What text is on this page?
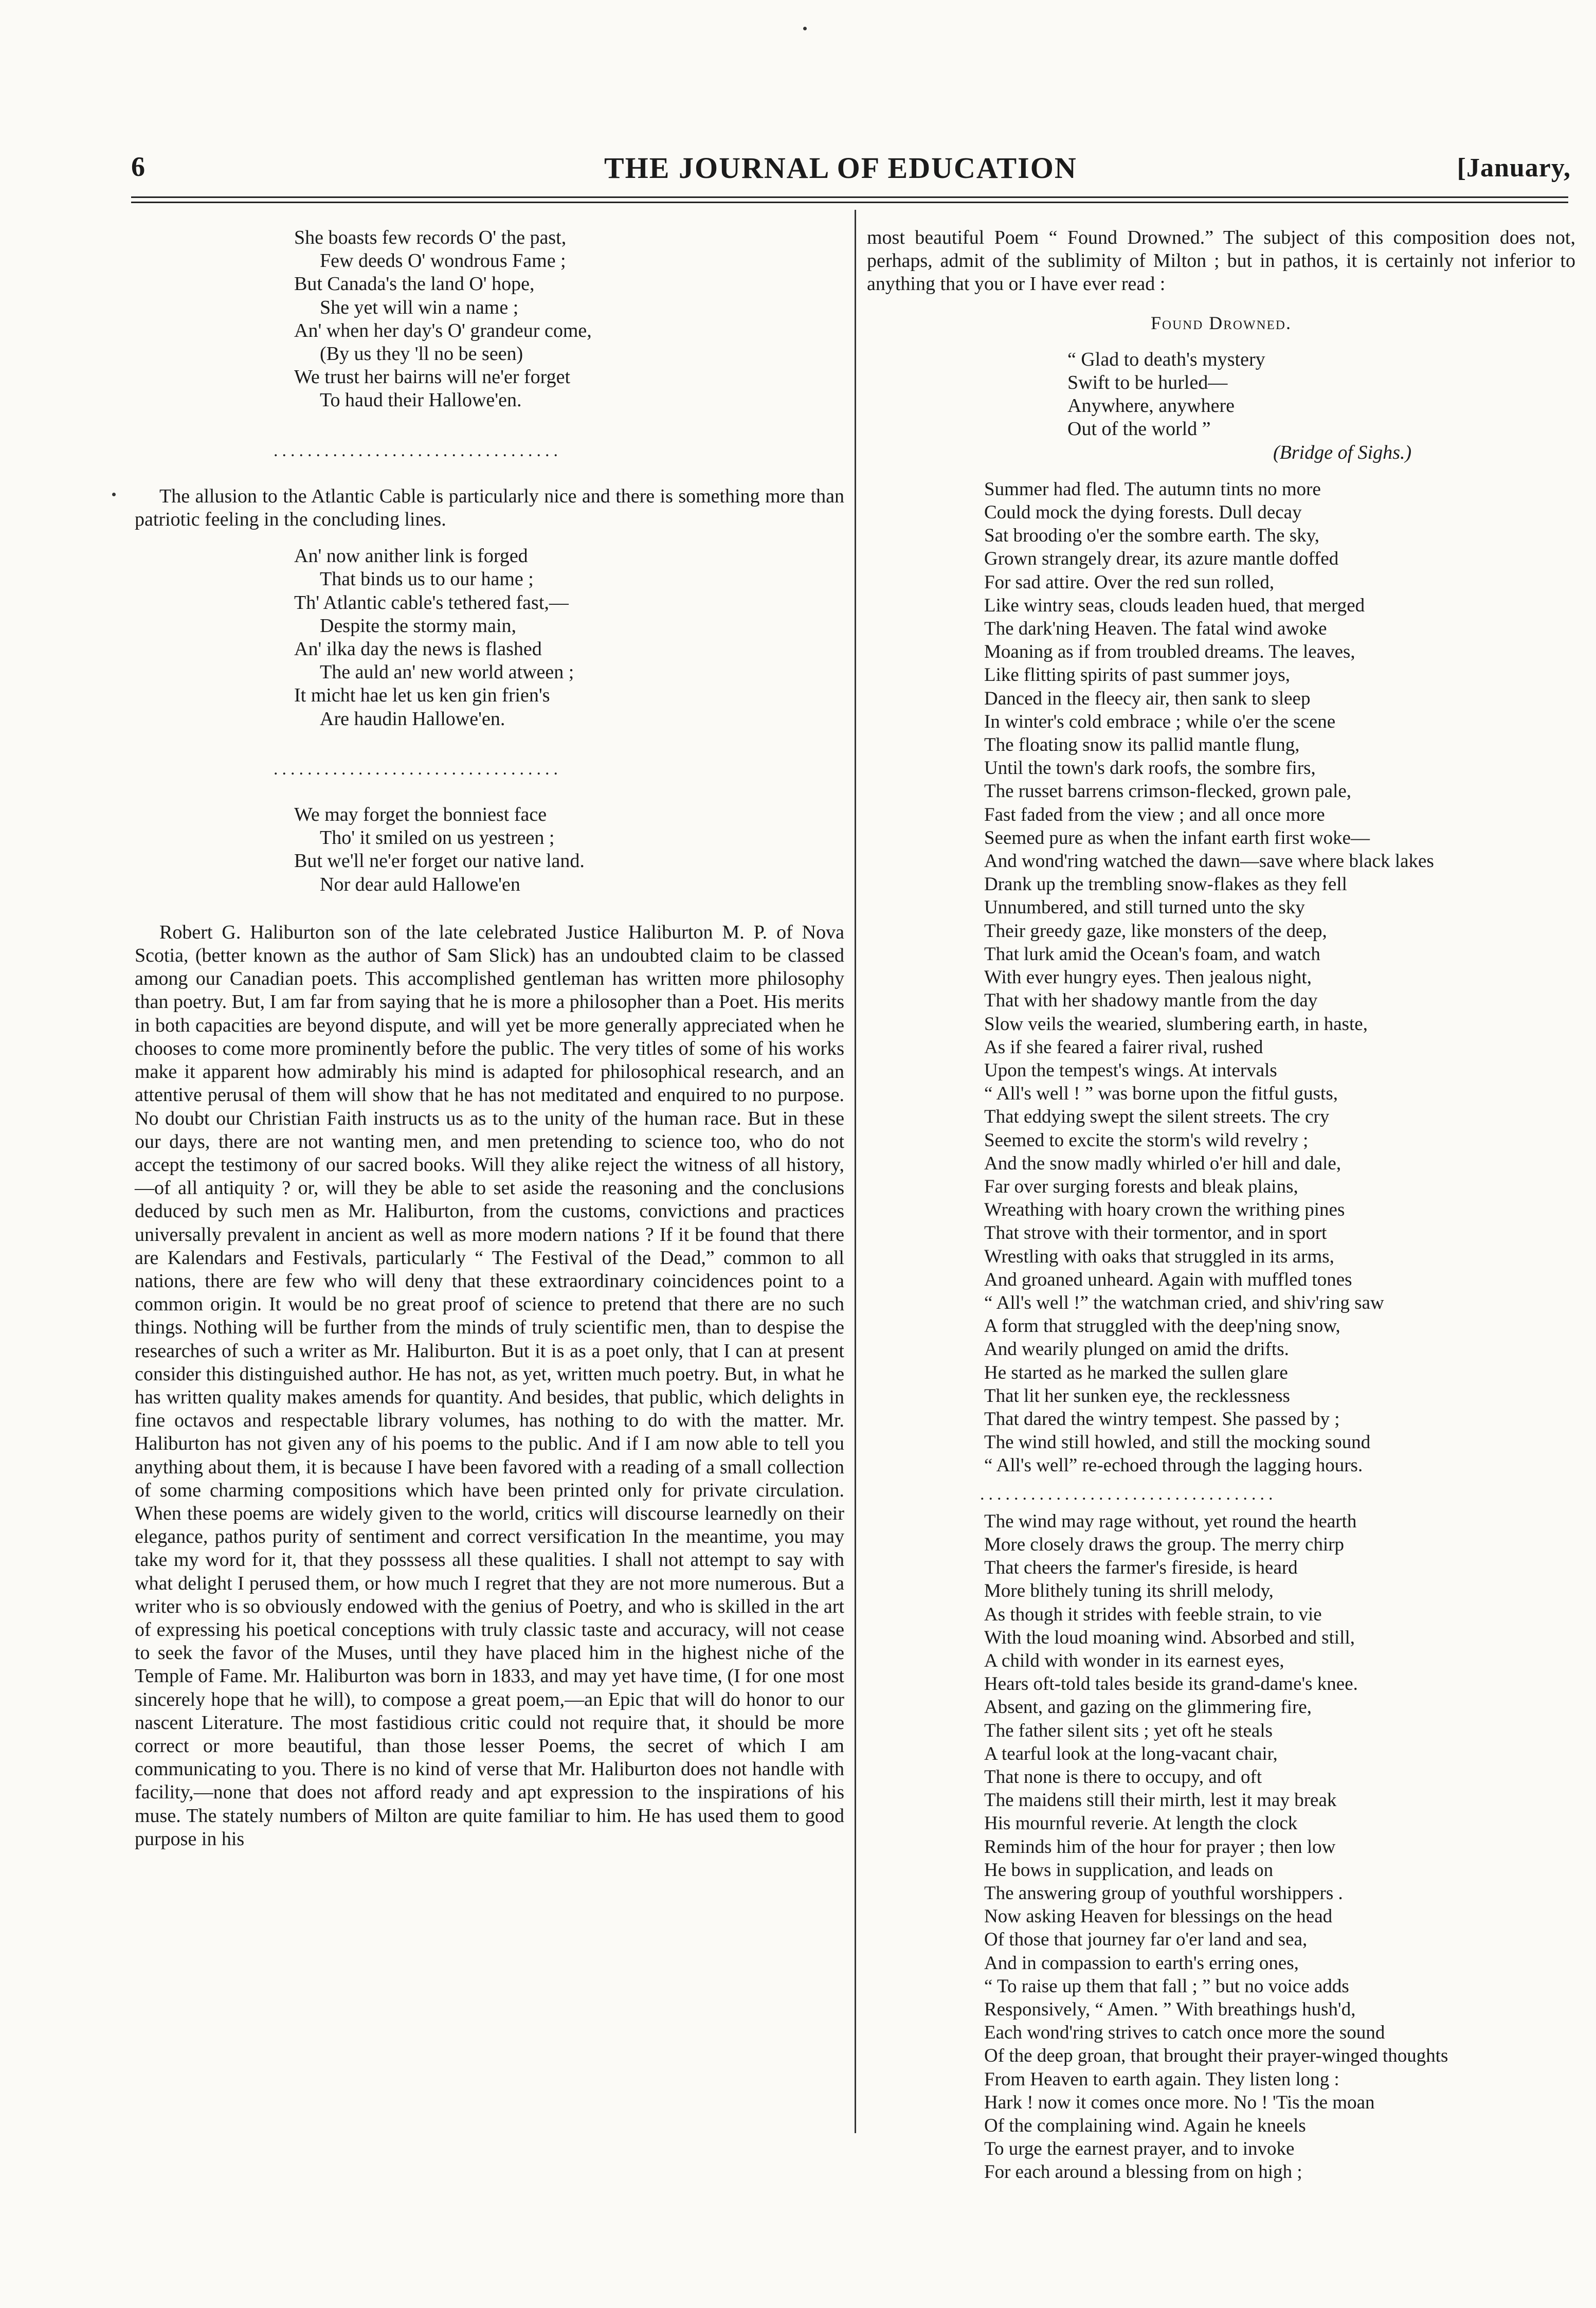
6	THE JOURNAL OF EDUCATION	[January,
She boasts few records O' the past,
Few deeds O' wondrous Fame ;
But Canada's the land O' hope,
She yet will win a name ;
An' when her day's O' grandeur come,
(By us they 'll no be seen)
We trust her bairns will ne'er forget
To haud their Hallowe'en.
..................................

The allusion to the Atlantic Cable is particularly nice and there is something more than patriotic feeling in the concluding lines.

An' now anither link is forged
That binds us to our hame ;
Th' Atlantic cable's tethered fast,—
Despite the stormy main,
An' ilka day the news is flashed
The auld an' new world atween ;
It micht hae let us ken gin frien's
Are haudin Hallowe'en.
..................................
We may forget the bonniest face
Tho' it smiled on us yestreen ;
But we'll ne'er forget our native land.
Nor dear auld Hallowe'en

Robert G. Haliburton son of the late celebrated Justice Haliburton M. P. of Nova Scotia, (better known as the author of Sam Slick) has an undoubted claim to be classed among our Canadian poets. This accomplished gentleman has written more philosophy than poetry. But, I am far from saying that he is more a philosopher than a Poet. His merits in both capacities are beyond dispute, and will yet be more generally appreciated when he chooses to come more prominently before the public. The very titles of some of his works make it apparent how admirably his mind is adapted for philosophical research, and an attentive perusal of them will show that he has not meditated and enquired to no purpose. No doubt our Christian Faith instructs us as to the unity of the human race. But in these our days, there are not wanting men, and men pretending to science too, who do not accept the testimony of our sacred books. Will they alike reject the witness of all history,—of all antiquity ? or, will they be able to set aside the reasoning and the conclusions deduced by such men as Mr. Haliburton, from the customs, convictions and practices universally prevalent in ancient as well as more modern nations ? If it be found that there are Kalendars and Festivals, particularly “ The Festival of the Dead,” common to all nations, there are few who will deny that these extraordinary coincidences point to a common origin. It would be no great proof of science to pretend that there are no such things. Nothing will be further from the minds of truly scientific men, than to despise the researches of such a writer as Mr. Haliburton. But it is as a poet only, that I can at present consider this distinguished author. He has not, as yet, written much poetry. But, in what he has written quality makes amends for quantity. And besides, that public, which delights in fine octavos and respectable library volumes, has nothing to do with the matter. Mr. Haliburton has not given any of his poems to the public. And if I am now able to tell you anything about them, it is because I have been favored with a reading of a small collection of some charming compositions which have been printed only for private circulation. When these poems are widely given to the world, critics will discourse learnedly on their elegance, pathos purity of sentiment and correct versification In the meantime, you may take my word for it, that they posssess all these qualities. I shall not attempt to say with what delight I perused them, or how much I regret that they are not more numerous. But a writer who is so obviously endowed with the genius of Poetry, and who is skilled in the art of expressing his poetical conceptions with truly classic taste and accuracy, will not cease to seek the favor of the Muses, until they have placed him in the highest niche of the Temple of Fame. Mr. Haliburton was born in 1833, and may yet have time, (I for one most sincerely hope that he will), to compose a great poem,—an Epic that will do honor to our nascent Literature. The most fastidious critic could not require that, it should be more correct or more beautiful, than those lesser Poems, the secret of which I am communicating to you. There is no kind of verse that Mr. Haliburton does not handle with facility,—none that does not afford ready and apt expression to the inspirations of his muse. The stately numbers of Milton are quite familiar to him. He has used them to good purpose in his

most beautiful Poem “ Found Drowned.” The subject of this composition does not, perhaps, admit of the sublimity of Milton ; but in pathos, it is certainly not inferior to anything that you or I have ever read :

Found Drowned.
“ Glad to death's mystery
Swift to be hurled—
Anywhere, anywhere
Out of the world ”
(Bridge of Sighs.)
Summer had fled. The autumn tints no more
Could mock the dying forests. Dull decay
Sat brooding o'er the sombre earth. The sky,
Grown strangely drear, its azure mantle doffed
For sad attire. Over the red sun rolled,
Like wintry seas, clouds leaden hued, that merged
The dark'ning Heaven. The fatal wind awoke
Moaning as if from troubled dreams. The leaves,
Like flitting spirits of past summer joys,
Danced in the fleecy air, then sank to sleep
In winter's cold embrace ; while o'er the scene
The floating snow its pallid mantle flung,
Until the town's dark roofs, the sombre firs,
The russet barrens crimson-flecked, grown pale,
Fast faded from the view ; and all once more
Seemed pure as when the infant earth first woke—
And wond'ring watched the dawn—save where black lakes
Drank up the trembling snow-flakes as they fell
Unnumbered, and still turned unto the sky
Their greedy gaze, like monsters of the deep,
That lurk amid the Ocean's foam, and watch
With ever hungry eyes. Then jealous night,
That with her shadowy mantle from the day
Slow veils the wearied, slumbering earth, in haste,
As if she feared a fairer rival, rushed
Upon the tempest's wings. At intervals
“ All's well ! ” was borne upon the fitful gusts,
That eddying swept the silent streets. The cry
Seemed to excite the storm's wild revelry ;
And the snow madly whirled o'er hill and dale,
Far over surging forests and bleak plains,
Wreathing with hoary crown the writhing pines
That strove with their tormentor, and in sport
Wrestling with oaks that struggled in its arms,
And groaned unheard. Again with muffled tones
“ All's well !” the watchman cried, and shiv'ring saw
A form that struggled with the deep'ning snow,
And wearily plunged on amid the drifts.
He started as he marked the sullen glare
That lit her sunken eye, the recklessness
That dared the wintry tempest. She passed by ;
The wind still howled, and still the mocking sound
“ All's well” re-echoed through the lagging hours.
...................................
The wind may rage without, yet round the hearth
More closely draws the group. The merry chirp
That cheers the farmer's fireside, is heard
More blithely tuning its shrill melody,
As though it strides with feeble strain, to vie
With the loud moaning wind. Absorbed and still,
A child with wonder in its earnest eyes,
Hears oft-told tales beside its grand-dame's knee.
Absent, and gazing on the glimmering fire,
The father silent sits ; yet oft he steals
A tearful look at the long-vacant chair,
That none is there to occupy, and oft
The maidens still their mirth, lest it may break
His mournful reverie. At length the clock
Reminds him of the hour for prayer ; then low
He bows in supplication, and leads on
The answering group of youthful worshippers .
Now asking Heaven for blessings on the head
Of those that journey far o'er land and sea,
And in compassion to earth's erring ones,
“ To raise up them that fall ; ” but no voice adds
Responsively, “ Amen. ” With breathings hush'd,
Each wond'ring strives to catch once more the sound
Of the deep groan, that brought their prayer-winged thoughts
From Heaven to earth again. They listen long :
Hark ! now it comes once more. No ! 'Tis the moan
Of the complaining wind. Again he kneels
To urge the earnest prayer, and to invoke
For each around a blessing from on high ;
